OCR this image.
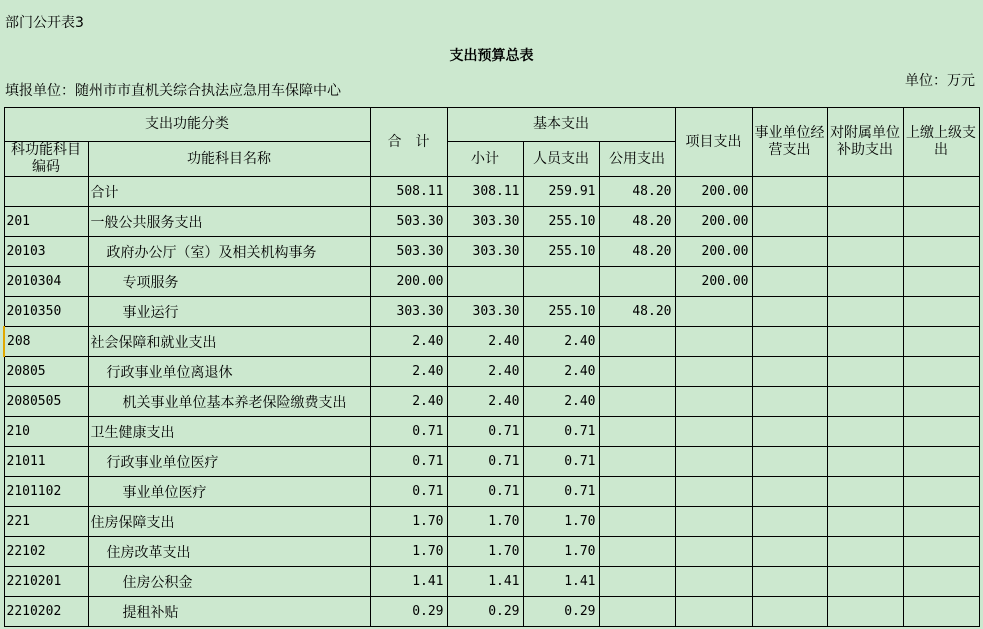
部门公开表3
支出预算总表
填报单位：随州市市直机关综合执法应急用车保障中心
单位：万元
支出功能分类		合　计	基本支出			项目支出	事业单位经营支出	对附属单位补助支出	上缴上级支出
科功能科目编码	功能科目名称		小计	人员支出	公用支出				
	合计	508.11	308.11	259.91	48.20	200.00			
201	一般公共服务支出	503.30	303.30	255.10	48.20	200.00			
20103	政府办公厅（室）及相关机构事务	503.30	303.30	255.10	48.20	200.00			
2010304	专项服务	200.00				200.00			
2010350	事业运行	303.30	303.30	255.10	48.20				
208	社会保障和就业支出	2.40	2.40	2.40					
20805	行政事业单位离退休	2.40	2.40	2.40					
2080505	机关事业单位基本养老保险缴费支出	2.40	2.40	2.40					
210	卫生健康支出	0.71	0.71	0.71					
21011	行政事业单位医疗	0.71	0.71	0.71					
2101102	事业单位医疗	0.71	0.71	0.71					
221	住房保障支出	1.70	1.70	1.70					
22102	住房改革支出	1.70	1.70	1.70					
2210201	住房公积金	1.41	1.41	1.41					
2210202	提租补贴	0.29	0.29	0.29					
